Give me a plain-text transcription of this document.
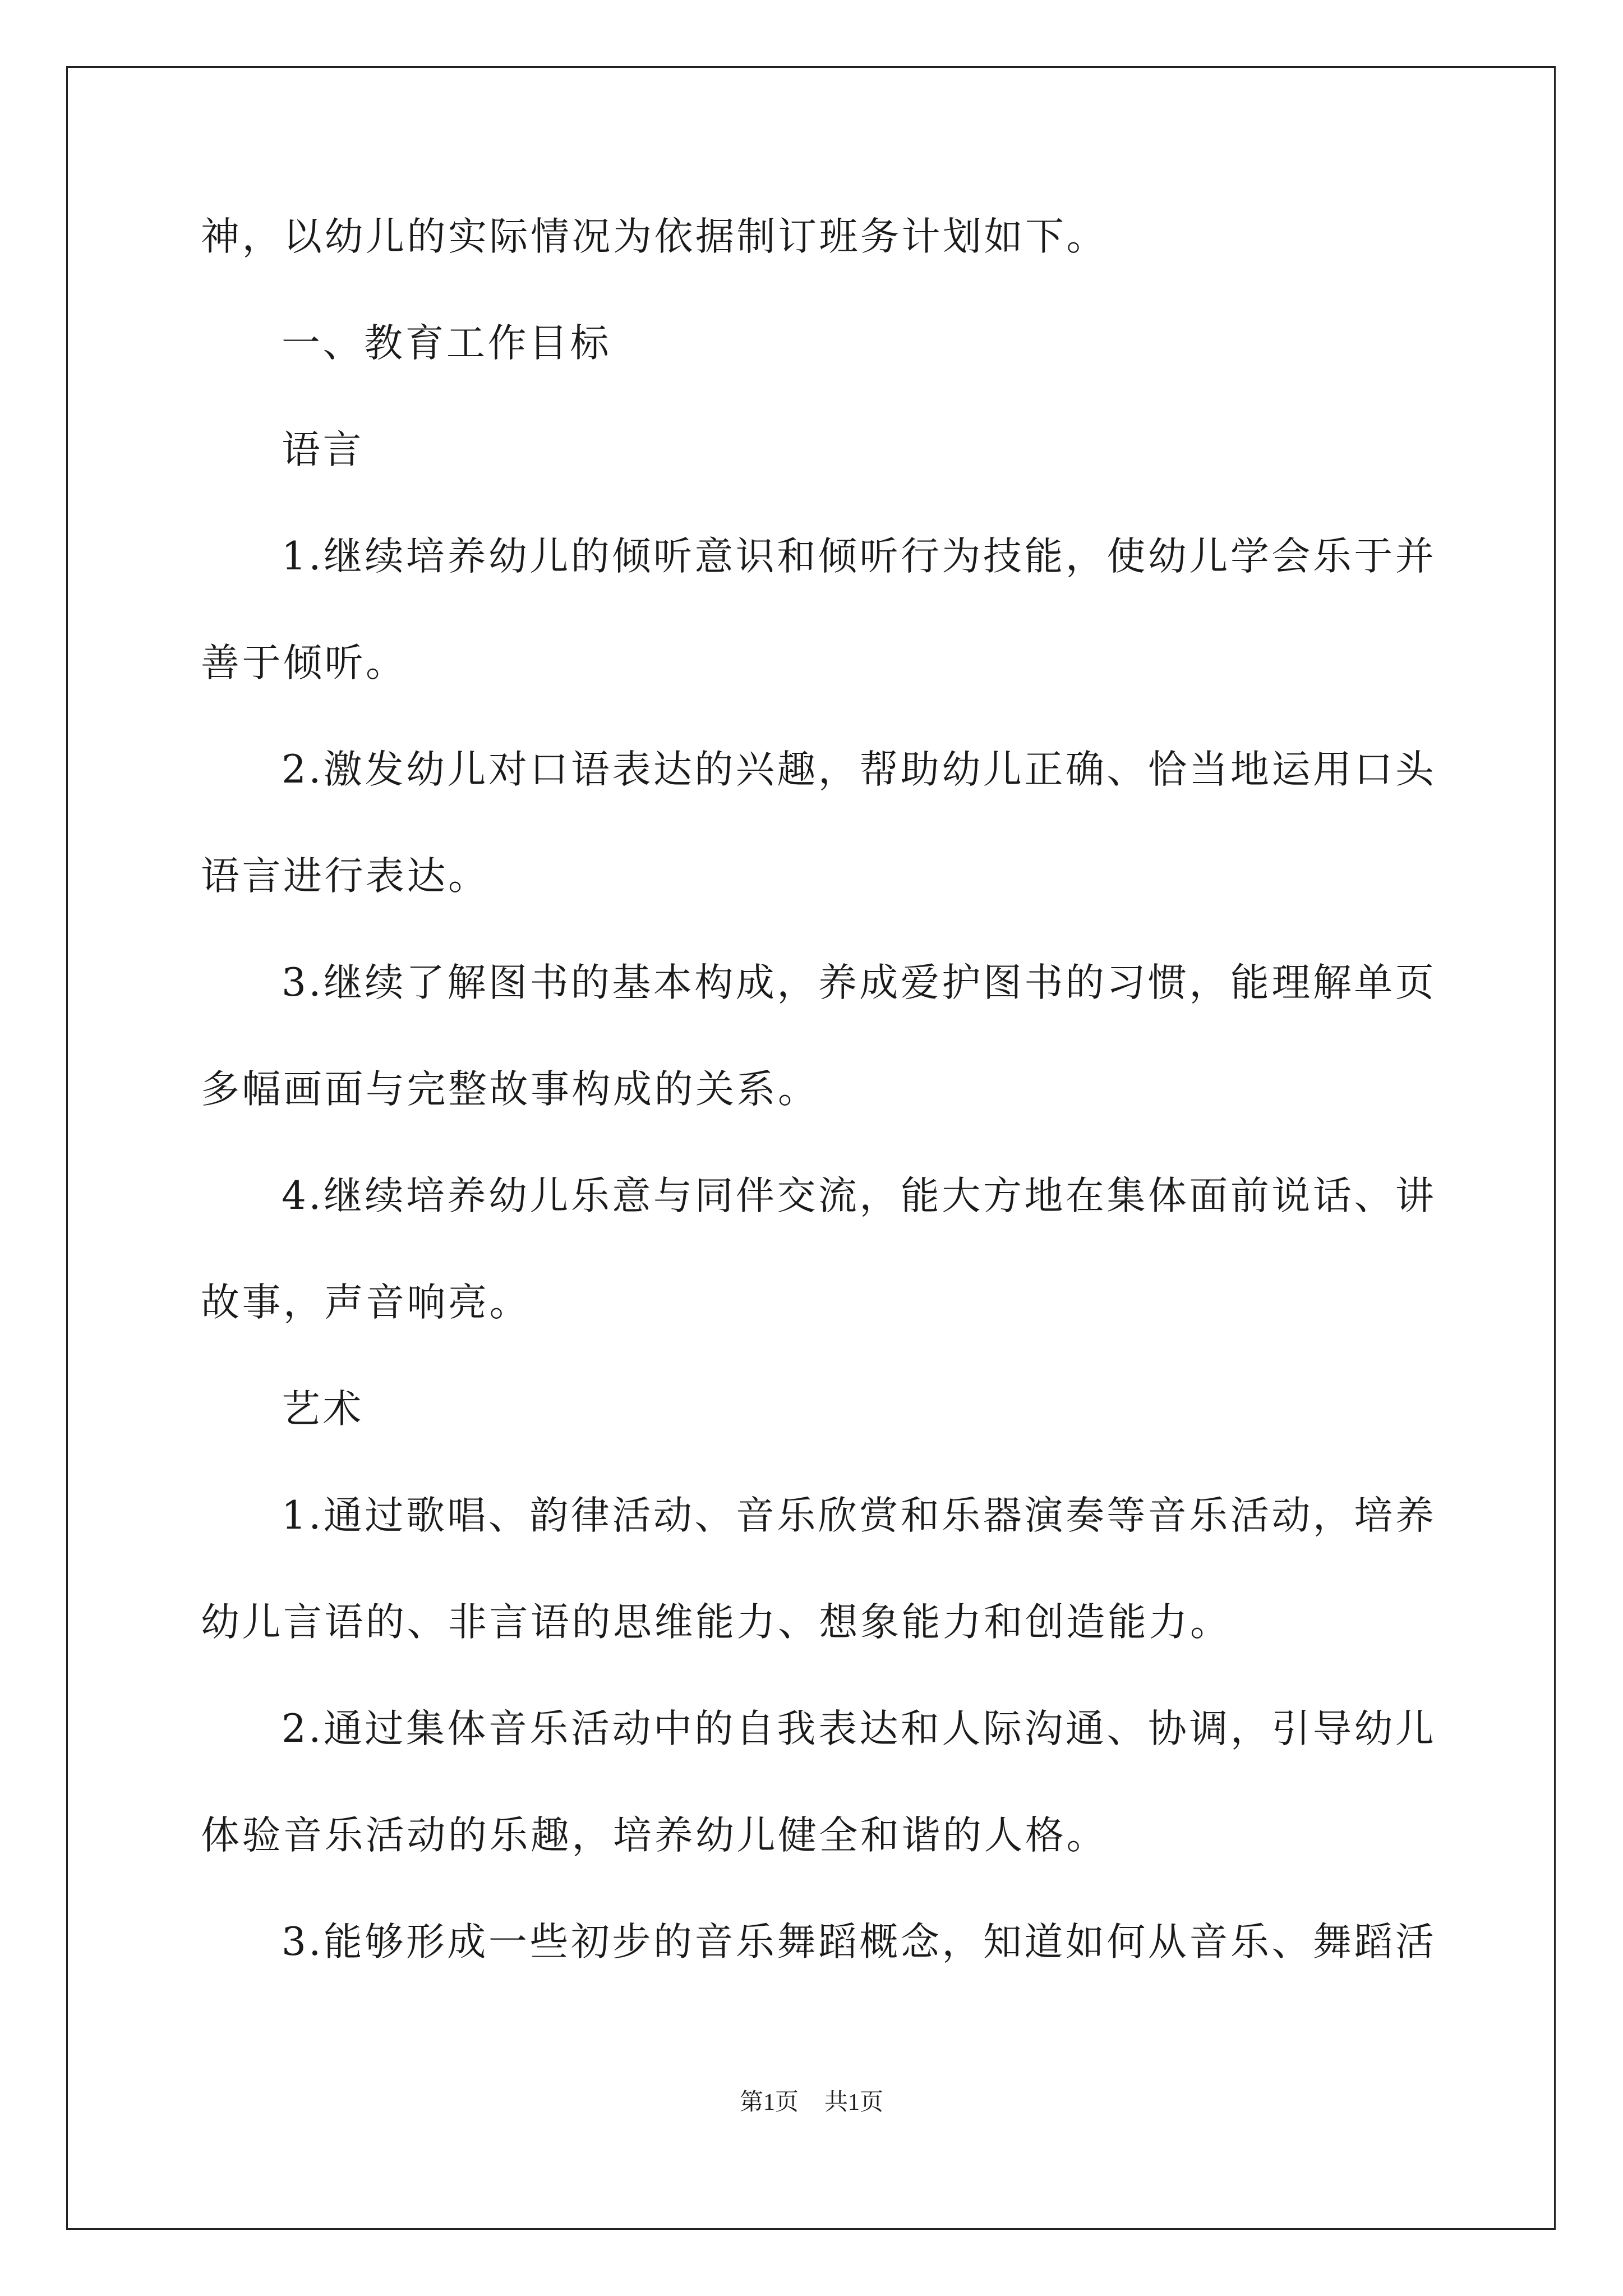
神，以幼儿的实际情况为依据制订班务计划如下。
一、教育工作目标
语言
1.继续培养幼儿的倾听意识和倾听行为技能，使幼儿学会乐于并
善于倾听。
2.激发幼儿对口语表达的兴趣，帮助幼儿正确、恰当地运用口头
语言进行表达。
3.继续了解图书的基本构成，养成爱护图书的习惯，能理解单页
多幅画面与完整故事构成的关系。
4.继续培养幼儿乐意与同伴交流，能大方地在集体面前说话、讲
故事，声音响亮。
艺术
1.通过歌唱、韵律活动、音乐欣赏和乐器演奏等音乐活动，培养
幼儿言语的、非言语的思维能力、想象能力和创造能力。
2.通过集体音乐活动中的自我表达和人际沟通、协调，引导幼儿
体验音乐活动的乐趣，培养幼儿健全和谐的人格。
3.能够形成一些初步的音乐舞蹈概念，知道如何从音乐、舞蹈活
第1页 共1页
